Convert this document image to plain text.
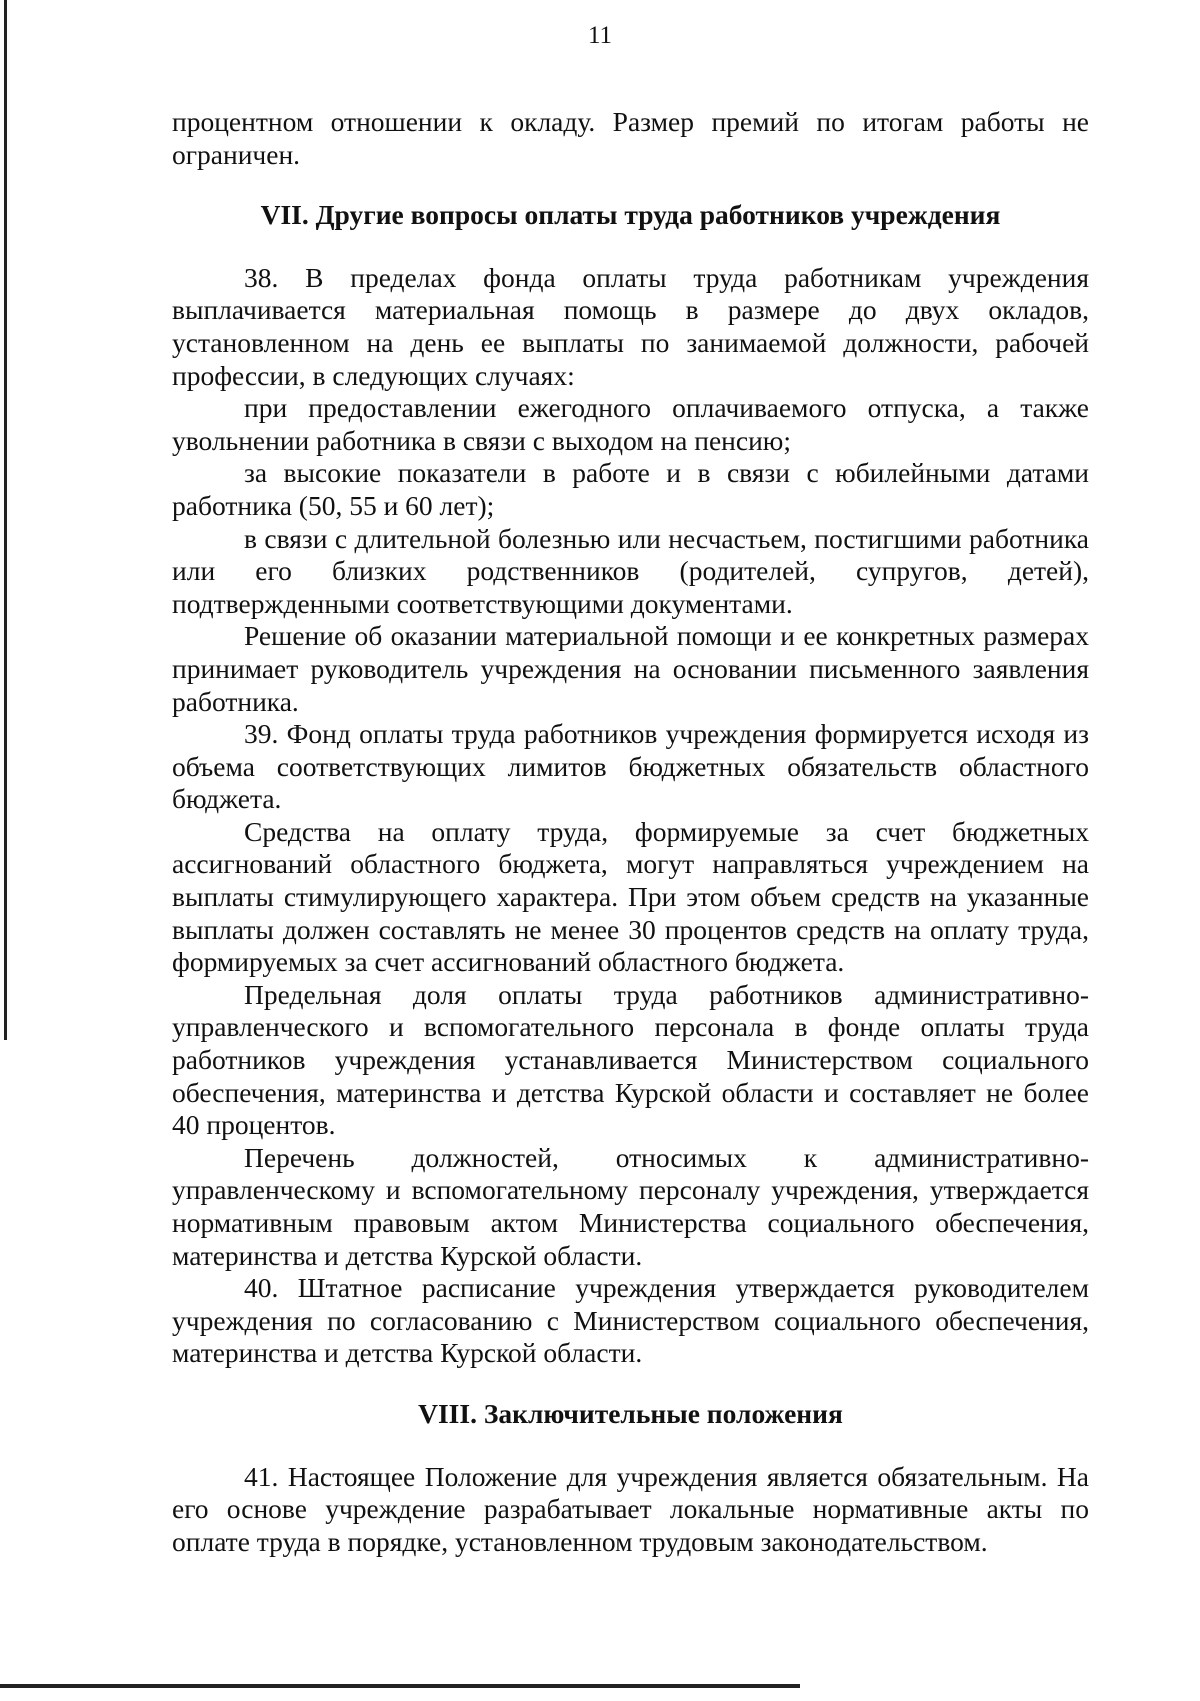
11

процентном отношении к окладу. Размер премий по итогам работы не ограничен.

VII. Другие вопросы оплаты труда работников учреждения

38. В пределах фонда оплаты труда работникам учреждения выплачивается материальная помощь в размере до двух окладов, установленном на день ее выплаты по занимаемой должности, рабочей профессии, в следующих случаях:

при предоставлении ежегодного оплачиваемого отпуска, а также увольнении работника в связи с выходом на пенсию;

за высокие показатели в работе и в связи с юбилейными датами работника (50, 55 и 60 лет);

в связи с длительной болезнью или несчастьем, постигшими работника или его близких родственников (родителей, супругов, детей), подтвержденными соответствующими документами.

Решение об оказании материальной помощи и ее конкретных размерах принимает руководитель учреждения на основании письменного заявления работника.

39. Фонд оплаты труда работников учреждения формируется исходя из объема соответствующих лимитов бюджетных обязательств областного бюджета.

Средства на оплату труда, формируемые за счет бюджетных ассигнований областного бюджета, могут направляться учреждением на выплаты стимулирующего характера. При этом объем средств на указанные выплаты должен составлять не менее 30 процентов средств на оплату труда, формируемых за счет ассигнований областного бюджета.

Предельная доля оплаты труда работников административно-управленческого и вспомогательного персонала в фонде оплаты труда работников учреждения устанавливается Министерством социального обеспечения, материнства и детства Курской области и составляет не более 40 процентов.

Перечень должностей, относимых к административно-управленческому и вспомогательному персоналу учреждения, утверждается нормативным правовым актом Министерства социального обеспечения, материнства и детства Курской области.

40. Штатное расписание учреждения утверждается руководителем учреждения по согласованию с Министерством социального обеспечения, материнства и детства Курской области.

VIII. Заключительные положения

41. Настоящее Положение для учреждения является обязательным. На его основе учреждение разрабатывает локальные нормативные акты по оплате труда в порядке, установленном трудовым законодательством.
